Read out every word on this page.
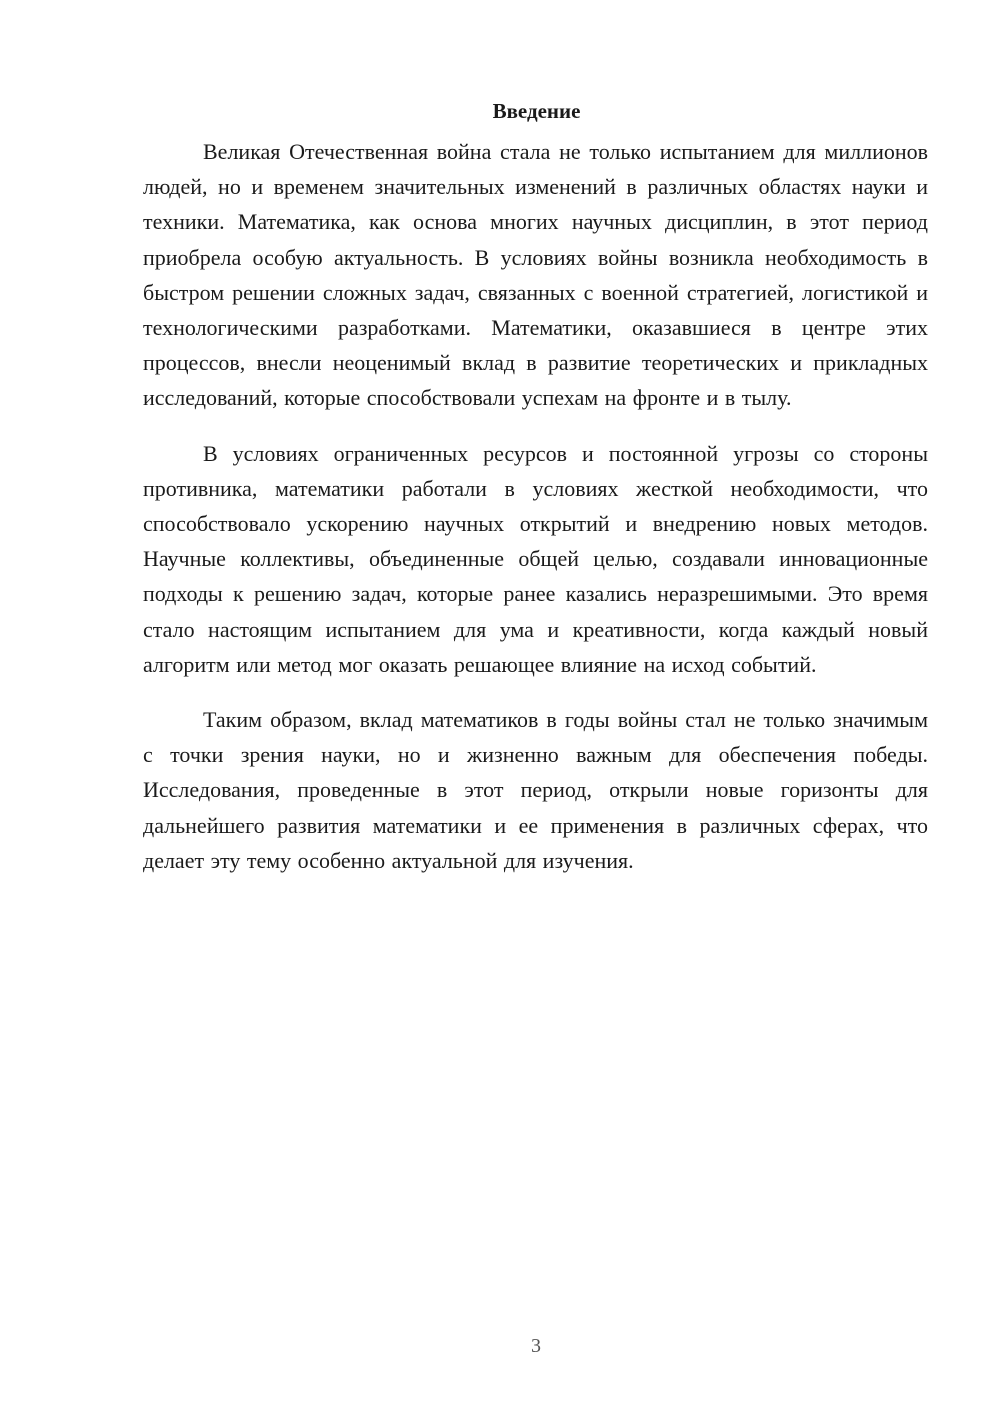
Введение

Великая Отечественная война стала не только испытанием для миллионов людей, но и временем значительных изменений в различных областях науки и техники. Математика, как основа многих научных дисциплин, в этот период приобрела особую актуальность. В условиях войны возникла необходимость в быстром решении сложных задач, связанных с военной стратегией, логистикой и технологическими разработками. Математики, оказавшиеся в центре этих процессов, внесли неоценимый вклад в развитие теоретических и прикладных исследований, которые способствовали успехам на фронте и в тылу.

В условиях ограниченных ресурсов и постоянной угрозы со стороны противника, математики работали в условиях жесткой необходимости, что способствовало ускорению научных открытий и внедрению новых методов. Научные коллективы, объединенные общей целью, создавали инновационные подходы к решению задач, которые ранее казались неразрешимыми. Это время стало настоящим испытанием для ума и креативности, когда каждый новый алгоритм или метод мог оказать решающее влияние на исход событий.

Таким образом, вклад математиков в годы войны стал не только значимым с точки зрения науки, но и жизненно важным для обеспечения победы. Исследования, проведенные в этот период, открыли новые горизонты для дальнейшего развития математики и ее применения в различных сферах, что делает эту тему особенно актуальной для изучения.

3
